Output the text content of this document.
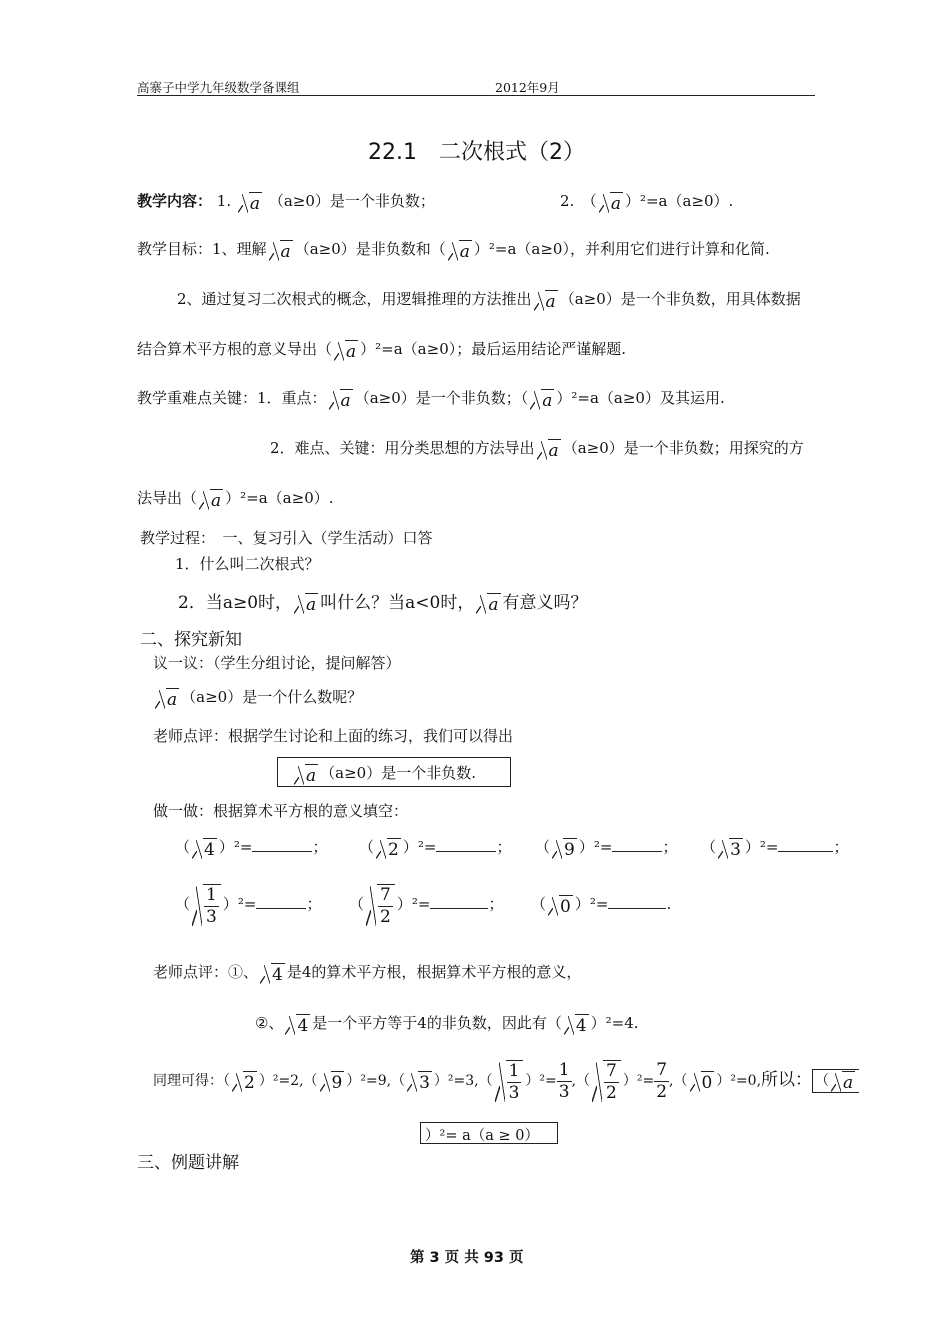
高寨子中学九年级数学备课组	2012年9月
22.1　二次根式（2）
教学内容： 1. a （a≥0）是一个非负数；	2.　（ a ）²=a（a≥0）.
教学目标：1、理解 a （a≥0）是非负数和（ a ）²=a（a≥0），并利用它们进行计算和化简.
2、通过复习二次根式的概念，用逻辑推理的方法推出 a （a≥0）是一个非负数，用具体数据
结合算术平方根的意义导出（ a ）²=a（a≥0）；最后运用结论严谨解题.
教学重难点关键：1．重点： a （a≥0）是一个非负数；（ a ）²=a（a≥0）及其运用.
2．难点、关键：用分类思想的方法导出 a （a≥0）是一个非负数；用探究的方
法导出（ a ）²=a（a≥0）.
教学过程：　一、复习引入（学生活动）口答
1．什么叫二次根式？
2．当a≥0时， a 叫什么？当a<0时， a 有意义吗？
二、探究新知
议一议：（学生分组讨论，提问解答）
a （a≥0）是一个什么数呢？
老师点评：根据学生讨论和上面的练习，我们可以得出
a （a≥0）是一个非负数.
做一做：根据算术平方根的意义填空：
（ 4 ）²=	； （ 2 ）²=	； （ 9 ）²=	； （ 3 ）²=	；
（ $\frac{1}{3} )^2=$	； （ $\frac{7}{2} )^2=$	； （ 0 ）²=	.
老师点评：①、 4 是4的算术平方根，根据算术平方根的意义，
②、 4 是一个平方等于4的非负数，因此有（ 4 ）²=4.
同理可得：（ 2 ）²=2,（ 9 ）²=9,（ 3 ）$^2=3,( \frac{1}{3} )^2= \frac{1}{3}$ ,（ $\frac{7}{2} )^2= \frac{7}{2}$ ,（ 0 ）²=0,所以： （ a
）²= a（a ≥ 0）
三、例题讲解
第 3 页 共 93 页
